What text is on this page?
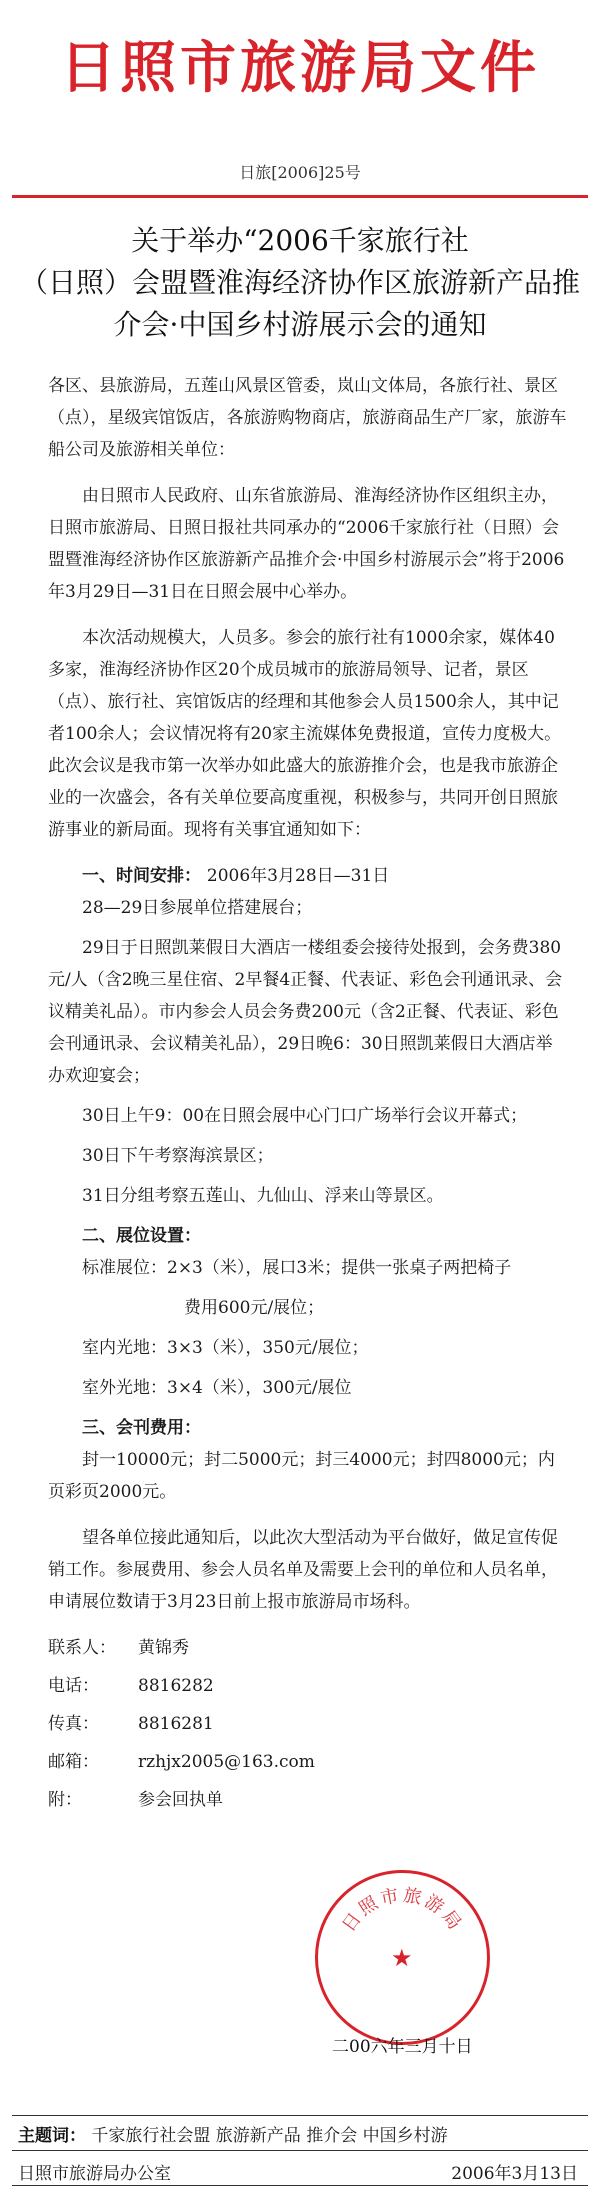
日照市旅游局文件
日旅[2006]25号
关于举办“2006千家旅行社
（日照）会盟暨淮海经济协作区旅游新产品推
介会·中国乡村游展示会的通知

各区、县旅游局，五莲山风景区管委，岚山文体局，各旅行社、景区（点），星级宾馆饭店，各旅游购物商店，旅游商品生产厂家，旅游车船公司及旅游相关单位：

由日照市人民政府、山东省旅游局、淮海经济协作区组织主办，日照市旅游局、日照日报社共同承办的“2006千家旅行社（日照）会盟暨淮海经济协作区旅游新产品推介会·中国乡村游展示会”将于2006年3月29日—31日在日照会展中心举办。

本次活动规模大，人员多。参会的旅行社有1000余家，媒体40多家，淮海经济协作区20个成员城市的旅游局领导、记者，景区（点）、旅行社、宾馆饭店的经理和其他参会人员1500余人，其中记者100余人；会议情况将有20家主流媒体免费报道，宣传力度极大。此次会议是我市第一次举办如此盛大的旅游推介会，也是我市旅游企业的一次盛会，各有关单位要高度重视，积极参与，共同开创日照旅游事业的新局面。现将有关事宜通知如下：

一、时间安排： 2006年3月28日—31日
28—29日参展单位搭建展台；
29日于日照凯莱假日大酒店一楼组委会接待处报到，会务费380元/人（含2晚三星住宿、2早餐4正餐、代表证、彩色会刊通讯录、会议精美礼品）。市内参会人员会务费200元（含2正餐、代表证、彩色会刊通讯录、会议精美礼品），29日晚6：30日照凯莱假日大酒店举办欢迎宴会；
30日上午9：00在日照会展中心门口广场举行会议开幕式；
30日下午考察海滨景区；
31日分组考察五莲山、九仙山、浮来山等景区。
二、展位设置：
标准展位：2×3（米），展口3米；提供一张桌子两把椅子
费用600元/展位；
室内光地：3×3（米），350元/展位；
室外光地：3×4（米），300元/展位
三、会刊费用：
封一10000元；封二5000元；封三4000元；封四8000元；内页彩页2000元。

望各单位接此通知后，以此次大型活动为平台做好，做足宣传促销工作。参展费用、参会人员名单及需要上会刊的单位和人员名单，申请展位数请于3月23日前上报市旅游局市场科。

联系人：	黄锦秀
电话：	8816282
传真：	8816281
邮箱：	rzhjx2005@163.com
附：	参会回执单
日照市旅游局
★
二00六年三月十日
主题词： 千家旅行社会盟 旅游新产品 推介会 中国乡村游
日照市旅游局办公室	2006年3月13日
